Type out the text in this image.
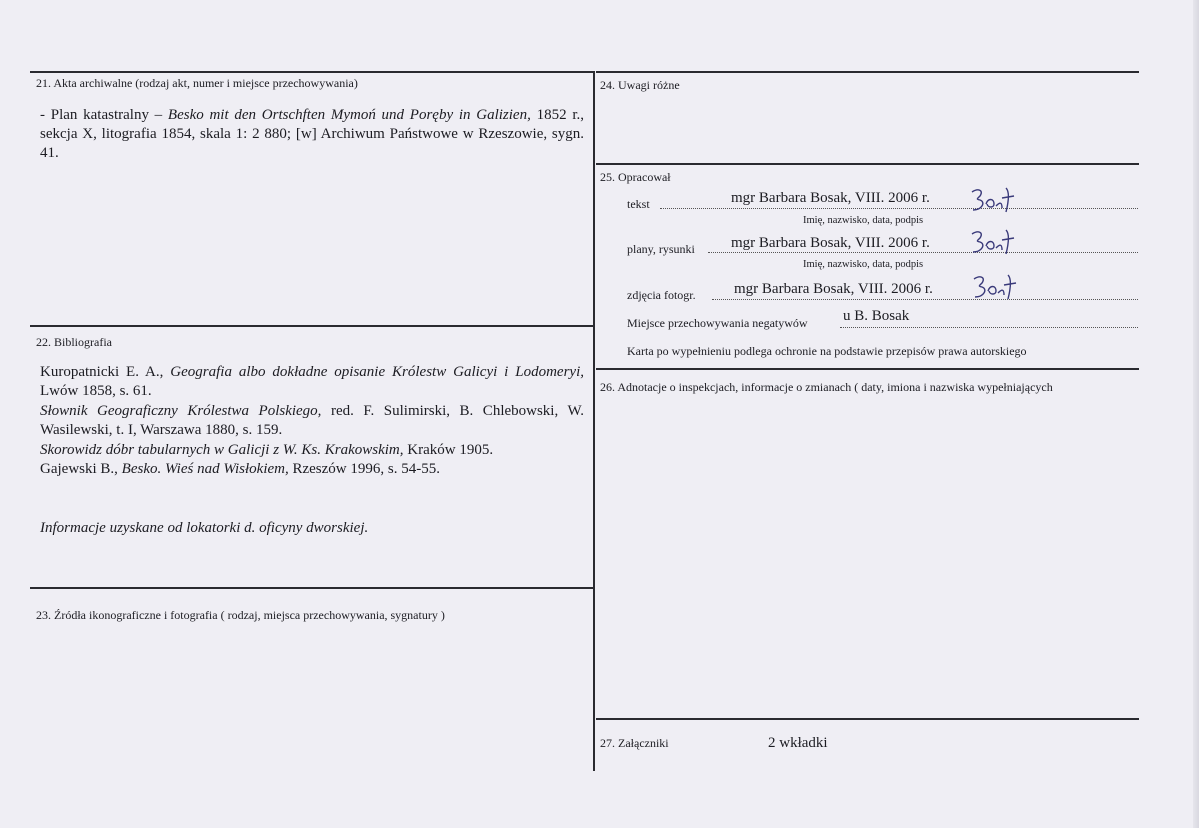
21. Akta archiwalne (rodzaj akt, numer i miejsce przechowywania)
- Plan katastralny – Besko mit den Ortschften Mymoń und Poręby in Galizien, 1852 r., sekcja X, litografia 1854, skala 1: 2 880; [w] Archiwum Państwowe w Rzeszowie, sygn. 41.
22. Bibliografia
Kuropatnicki E. A., Geografia albo dokładne opisanie Królestw Galicyi i Lodomeryi, Lwów 1858, s. 61.
Słownik Geograficzny Królestwa Polskiego, red. F. Sulimirski, B. Chlebowski, W. Wasilewski, t. I, Warszawa 1880, s. 159.
Skorowidz dóbr tabularnych w Galicji z W. Ks. Krakowskim, Kraków 1905.
Gajewski B., Besko. Wieś nad Wisłokiem, Rzeszów 1996, s. 54-55.
Informacje uzyskane od lokatorki d. oficyny dworskiej.
23. Źródła ikonograficzne i fotografia ( rodzaj, miejsca przechowywania, sygnatury )
24. Uwagi różne
25. Opracował
tekst	mgr Barbara Bosak, VIII. 2006 r.
Imię, nazwisko, data, podpis
plany, rysunki mgr Barbara Bosak, VIII. 2006 r.
Imię, nazwisko, data, podpis
zdjęcia fotogr.	mgr Barbara Bosak, VIII. 2006 r.
Miejsce przechowywania negatywów u B. Bosak
Karta po wypełnieniu podlega ochronie na podstawie przepisów prawa autorskiego
26. Adnotacje o inspekcjach, informacje o zmianach ( daty, imiona i nazwiska wypełniających
27. Załączniki	2 wkładki
